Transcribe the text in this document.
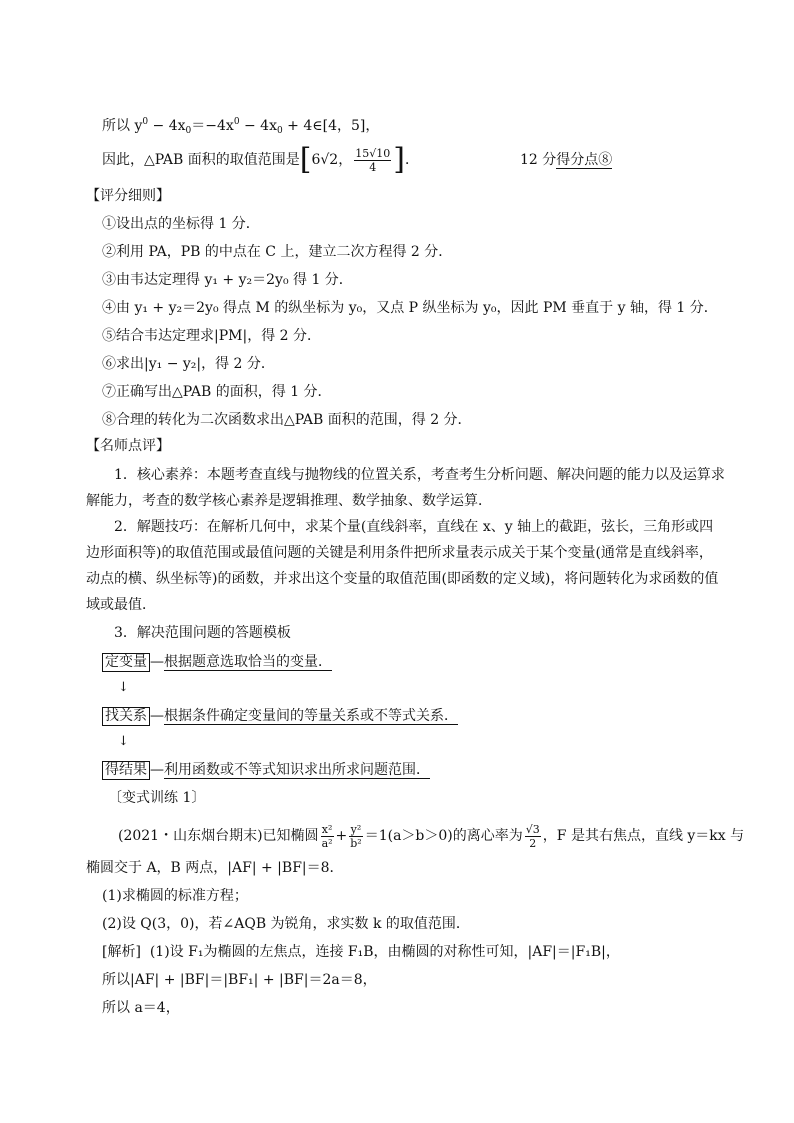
所以 $y^0 - 4x_0=-4x^0 - 4x_0$ + 4∈[4，5]，
因此，△PAB 面积的取值范围是[6√2， $\frac{15√10}{4}$ ]．	12 分得分点⑧
【评分细则】
①设出点的坐标得 1 分．
②利用 PA，PB 的中点在 C 上，建立二次方程得 2 分．
③由韦达定理得 y₁ + y₂＝2y₀ 得 1 分．
④由 y₁ + y₂＝2y₀ 得点 M 的纵坐标为 y₀，又点 P 纵坐标为 y₀，因此 PM 垂直于 y 轴，得 1 分．
⑤结合韦达定理求|PM|，得 2 分．
⑥求出|y₁ − y₂|，得 2 分．
⑦正确写出△PAB 的面积，得 1 分．
⑧合理的转化为二次函数求出△PAB 面积的范围，得 2 分．
【名师点评】
1．核心素养：本题考查直线与抛物线的位置关系，考查考生分析问题、解决问题的能力以及运算求解能力，考查的数学核心素养是逻辑推理、数学抽象、数学运算．
2．解题技巧：在解析几何中，求某个量(直线斜率，直线在 x、y 轴上的截距，弦长，三角形或四边形面积等)的取值范围或最值问题的关键是利用条件把所求量表示成关于某个变量(通常是直线斜率，动点的横、纵坐标等)的函数，并求出这个变量的取值范围(即函数的定义域)，将问题转化为求函数的值域或最值．
3．解决范围问题的答题模板
定变量 —根据题意选取恰当的变量．
↓
找关系 —根据条件确定变量间的等量关系或不等式关系．
↓
得结果 —利用函数或不等式知识求出所求问题范围．
〔变式训练 1〕
(2021・山东烟台期末)已知椭圆 $\frac{\text{x²}}{\text{a²}} + \frac{\text{y²}}{\text{b²}} =1(a>b>0)$的离心率为 $\frac{√3}{2}$ ，F 是其右焦点，直线 y＝kx 与
椭圆交于 A，B 两点，|AF| + |BF|＝8．
(1)求椭圆的标准方程；
(2)设 Q(3，0)，若∠AQB 为锐角，求实数 k 的取值范围．
[解析] (1)设 F₁为椭圆的左焦点，连接 F₁B，由椭圆的对称性可知，|AF|＝|F₁B|，
所以|AF| + |BF|＝|BF₁| + |BF|＝2a＝8，
所以 a＝4，
